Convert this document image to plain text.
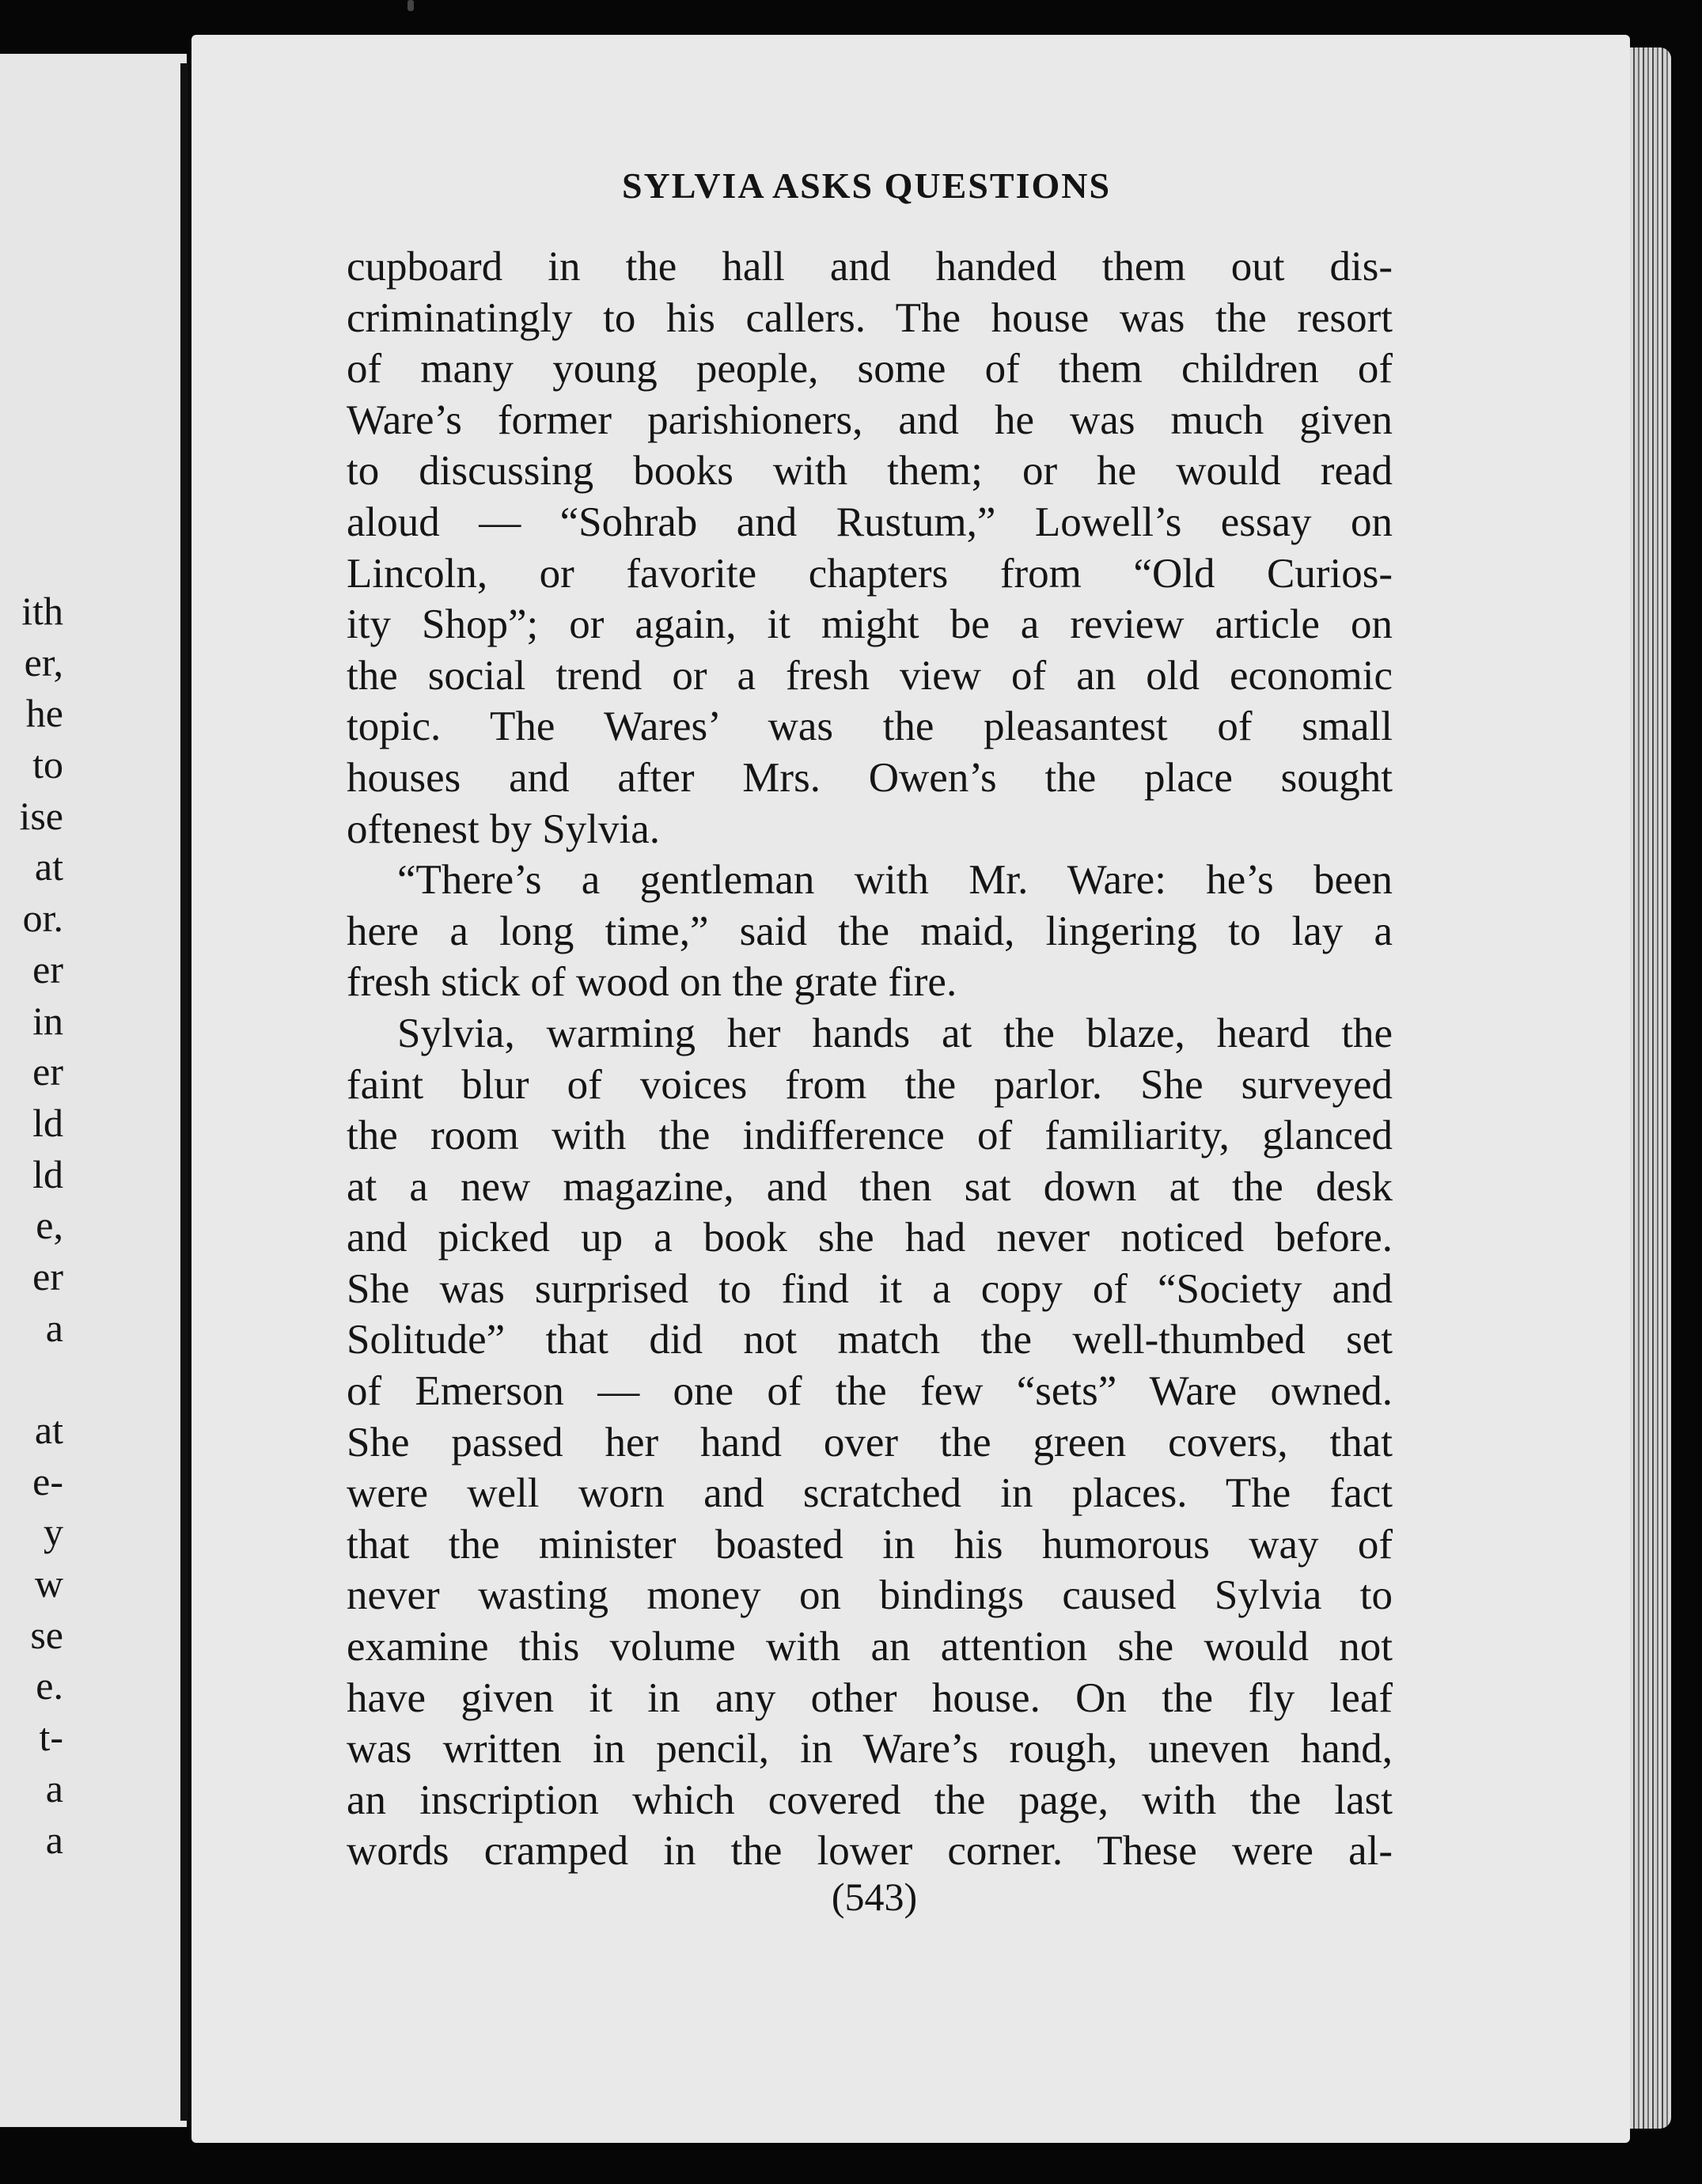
ith
er,
he
to
ise
at
or.
er
in
er
ld
ld
e,
er
a
at
e-
y
w
se
e.
t-
a
a
SYLVIA ASKS QUESTIONS
cupboard in the hall and handed them out dis-
criminatingly to his callers. The house was the resort
of many young people, some of them children of
Ware’s former parishioners, and he was much given
to discussing books with them; or he would read
aloud — “Sohrab and Rustum,” Lowell’s essay on
Lincoln, or favorite chapters from “Old Curios-
ity Shop”; or again, it might be a review article on
the social trend or a fresh view of an old economic
topic. The Wares’ was the pleasantest of small
houses and after Mrs. Owen’s the place sought
oftenest by Sylvia.
“There’s a gentleman with Mr. Ware: he’s been
here a long time,” said the maid, lingering to lay a
fresh stick of wood on the grate fire.
Sylvia, warming her hands at the blaze, heard the
faint blur of voices from the parlor. She surveyed
the room with the indifference of familiarity, glanced
at a new magazine, and then sat down at the desk
and picked up a book she had never noticed before.
She was surprised to find it a copy of “Society and
Solitude” that did not match the well-thumbed set
of Emerson — one of the few “sets” Ware owned.
She passed her hand over the green covers, that
were well worn and scratched in places. The fact
that the minister boasted in his humorous way of
never wasting money on bindings caused Sylvia to
examine this volume with an attention she would not
have given it in any other house. On the fly leaf
was written in pencil, in Ware’s rough, uneven hand,
an inscription which covered the page, with the last
words cramped in the lower corner. These were al-
(543)
